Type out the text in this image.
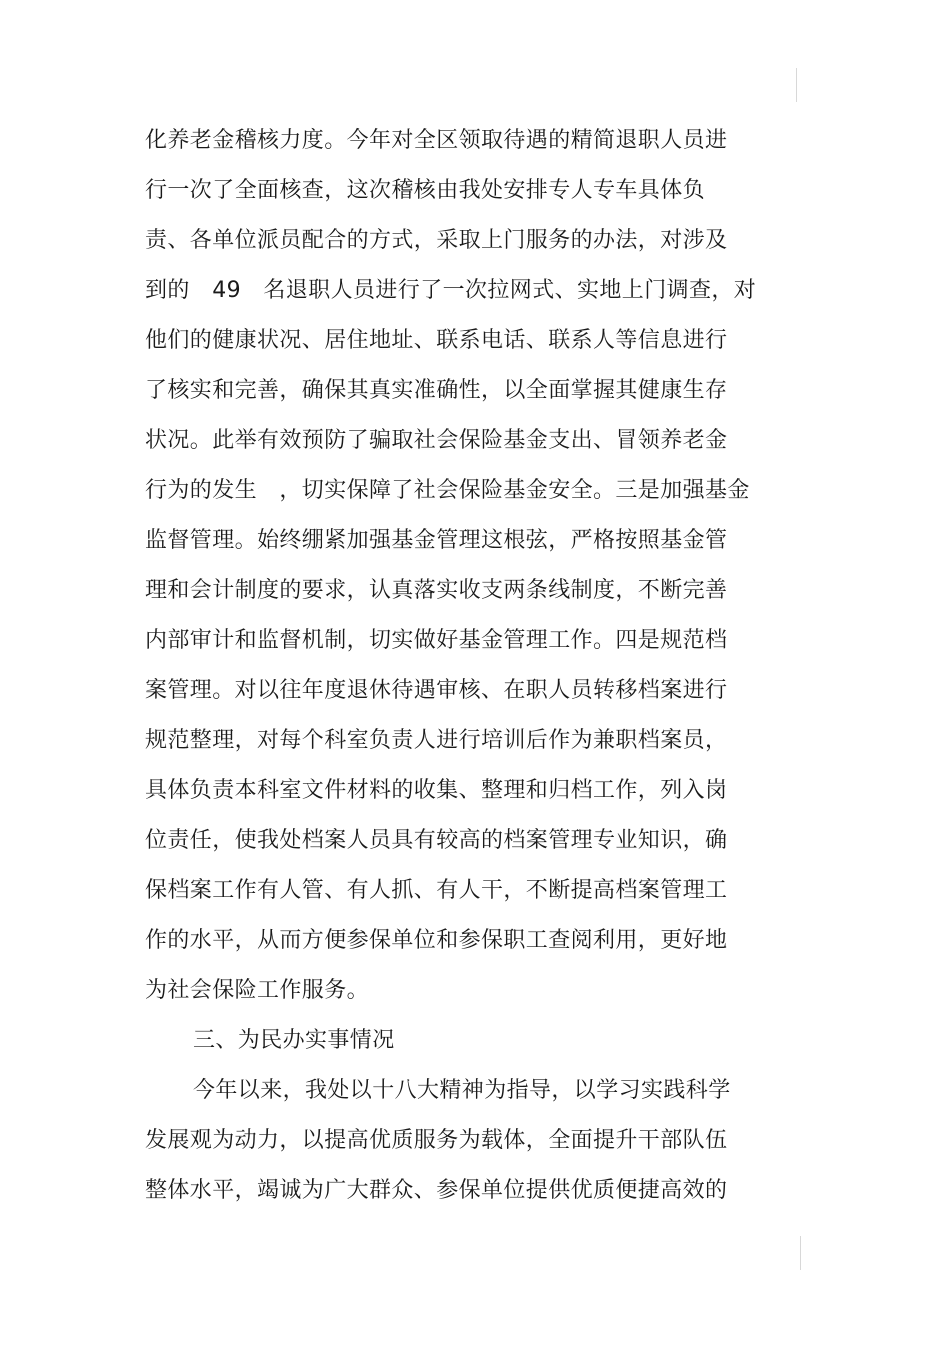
化养老金稽核力度。今年对全区领取待遇的精简退职人员进
行一次了全面核查，这次稽核由我处安排专人专车具体负
责、各单位派员配合的方式，采取上门服务的办法，对涉及
到的　49　名退职人员进行了一次拉网式、实地上门调查，对
他们的健康状况、居住地址、联系电话、联系人等信息进行
了核实和完善，确保其真实准确性，以全面掌握其健康生存
状况。此举有效预防了骗取社会保险基金支出、冒领养老金
行为的发生　，切实保障了社会保险基金安全。三是加强基金
监督管理。始终绷紧加强基金管理这根弦，严格按照基金管
理和会计制度的要求，认真落实收支两条线制度，不断完善
内部审计和监督机制，切实做好基金管理工作。四是规范档
案管理。对以往年度退休待遇审核、在职人员转移档案进行
规范整理，对每个科室负责人进行培训后作为兼职档案员，
具体负责本科室文件材料的收集、整理和归档工作，列入岗
位责任，使我处档案人员具有较高的档案管理专业知识，确
保档案工作有人管、有人抓、有人干，不断提高档案管理工
作的水平，从而方便参保单位和参保职工查阅利用，更好地
为社会保险工作服务。
三、为民办实事情况
今年以来，我处以十八大精神为指导，以学习实践科学
发展观为动力，以提高优质服务为载体，全面提升干部队伍
整体水平，竭诚为广大群众、参保单位提供优质便捷高效的
